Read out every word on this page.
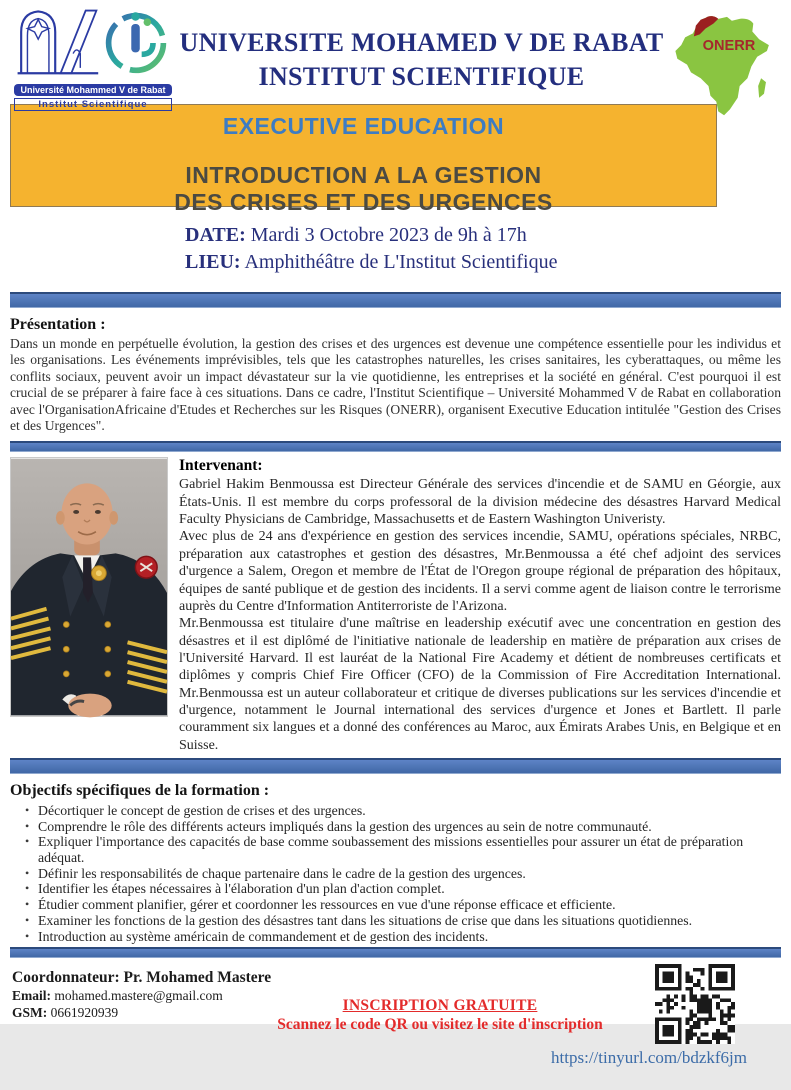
Université Mohammed V de Rabat
Institut Scientifique
UNIVERSITE MOHAMED V DE RABAT
INSTITUT SCIENTIFIQUE
ONERR
EXECUTIVE EDUCATION
INTRODUCTION A LA GESTION
DES CRISES ET DES URGENCES
DATE: Mardi 3 Octobre 2023 de 9h à 17h
LIEU: Amphithéâtre de L'Institut Scientifique
Présentation :

Dans un monde en perpétuelle évolution, la gestion des crises et des urgences est devenue une compétence essentielle pour les individus et les organisations. Les événements imprévisibles, tels que les catastrophes naturelles, les crises sanitaires, les cyberattaques, ou même les conflits sociaux, peuvent avoir un impact dévastateur sur la vie quotidienne, les entreprises et la société en général. C'est pourquoi il est crucial de se préparer à faire face à ces situations. Dans ce cadre, l'Institut Scientifique – Université Mohammed V de Rabat en collaboration avec l'OrganisationAfricaine d'Etudes et Recherches sur les Risques (ONERR), organisent Executive Education intitulée "Gestion des Crises et des Urgences".

Intervenant:

Gabriel Hakim Benmoussa est Directeur Générale des services d'incendie et de SAMU en Géorgie, aux États-Unis. Il est membre du corps professoral de la division médecine des désastres Harvard Medical Faculty Physicians de Cambridge, Massachusetts et de Eastern Washington Univeristy.

Avec plus de 24 ans d'expérience en gestion des services incendie, SAMU, opérations spéciales, NRBC, préparation aux catastrophes et gestion des désastres, Mr.Benmoussa a été chef adjoint des services d'urgence a Salem, Oregon et membre de l'État de l'Oregon groupe régional de préparation des hôpitaux, équipes de santé publique et de gestion des incidents. Il a servi comme agent de liaison contre le terrorisme auprès du Centre d'Information Antiterroriste de l'Arizona.

Mr.Benmoussa est titulaire d'une maîtrise en leadership exécutif avec une concentration en gestion des désastres et il est diplômé de l'initiative nationale de leadership en matière de préparation aux crises de l'Université Harvard. Il est lauréat de la National Fire Academy et détient de nombreuses certificats et diplômes y compris Chief Fire Officer (CFO) de la Commission of Fire Accreditation International. Mr.Benmoussa est un auteur collaborateur et critique de diverses publications sur les services d'incendie et d'urgence, notamment le Journal international des services d'urgence et Jones et Bartlett. Il parle couramment six langues et a donné des conférences au Maroc, aux Émirats Arabes Unis, en Belgique et en Suisse.

Objectifs spécifiques de la formation :
• Décortiquer le concept de gestion de crises et des urgences.
• Comprendre le rôle des différents acteurs impliqués dans la gestion des urgences au sein de notre communauté.
• Expliquer l'importance des capacités de base comme soubassement des missions essentielles pour assurer un état de préparation adéquat.
• Définir les responsabilités de chaque partenaire dans le cadre de la gestion des urgences.
• Identifier les étapes nécessaires à l'élaboration d'un plan d'action complet.
• Étudier comment planifier, gérer et coordonner les ressources en vue d'une réponse efficace et efficiente.
• Examiner les fonctions de la gestion des désastres tant dans les situations de crise que dans les situations quotidiennes.
• Introduction au système américain de commandement et de gestion des incidents.
Coordonnateur: Pr. Mohamed Mastere
Email: mohamed.mastere@gmail.com
GSM: 0661920939	INSCRIPTION GRATUITE
Scannez le code QR ou visitez le site d'inscription
https://tinyurl.com/bdzkf6jm
